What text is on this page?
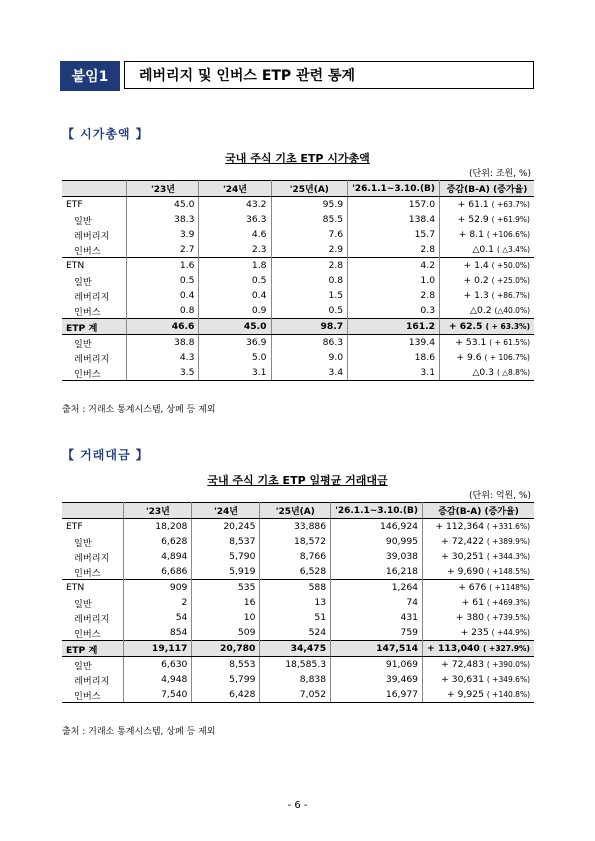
붙임1	레버리지 및 인버스 ETP 관련 통계
【 시가총액 】
국내 주식 기초 ETP 시가총액
(단위: 조원, %)
	'23년	'24년	'25년(A)	'26.1.1~3.10.(B)	증감(B-A) (증가율)
ETF	45.0	43.2	95.9	157.0	+ 61.1 ( +63.7%)
일반	38.3	36.3	85.5	138.4	+ 52.9 ( +61.9%)
레버리지	3.9	4.6	7.6	15.7	+ 8.1 ( +106.6%)
인버스	2.7	2.3	2.9	2.8	△0.1 ( △3.4%)
ETN	1.6	1.8	2.8	4.2	+ 1.4 ( +50.0%)
일반	0.5	0.5	0.8	1.0	+ 0.2 ( +25.0%)
레버리지	0.4	0.4	1.5	2.8	+ 1.3 ( +86.7%)
인버스	0.8	0.9	0.5	0.3	△0.2 (△40.0%)
ETP 계	46.6	45.0	98.7	161.2	+ 62.5 ( + 63.3%)
일반	38.8	36.9	86.3	139.4	+ 53.1 ( + 61.5%)
레버리지	4.3	5.0	9.0	18.6	+ 9.6 ( + 106.7%)
인버스	3.5	3.1	3.4	3.1	△0.3 ( △8.8%)
출처 : 거래소 통계시스템, 상폐 등 제외
【 거래대금 】
국내 주식 기초 ETP 일평균 거래대금
(단위: 억원, %)
	'23년	'24년	'25년(A)	'26.1.1~3.10.(B)	증감(B-A) (증가율)
ETF	18,208	20,245	33,886	146,924	+ 112,364 ( +331.6%)
일반	6,628	8,537	18,572	90,995	+ 72,422 ( +389.9%)
레버리지	4,894	5,790	8,766	39,038	+ 30,251 ( +344.3%)
인버스	6,686	5,919	6,528	16,218	+ 9,690 ( +148.5%)
ETN	909	535	588	1,264	+ 676 ( +1148%)
일반	2	16	13	74	+ 61 ( +469.3%)
레버리지	54	10	51	431	+ 380 ( +739.5%)
인버스	854	509	524	759	+ 235 ( +44.9%)
ETP 계	19,117	20,780	34,475	147,514	+ 113,040 ( +327.9%)
일반	6,630	8,553	18,585.3	91,069	+ 72,483 ( +390.0%)
레버리지	4,948	5,799	8,838	39,469	+ 30,631 ( +349.6%)
인버스	7,540	6,428	7,052	16,977	+ 9,925 ( +140.8%)
출처 : 거래소 통계시스템, 상폐 등 제외
- 6 -
